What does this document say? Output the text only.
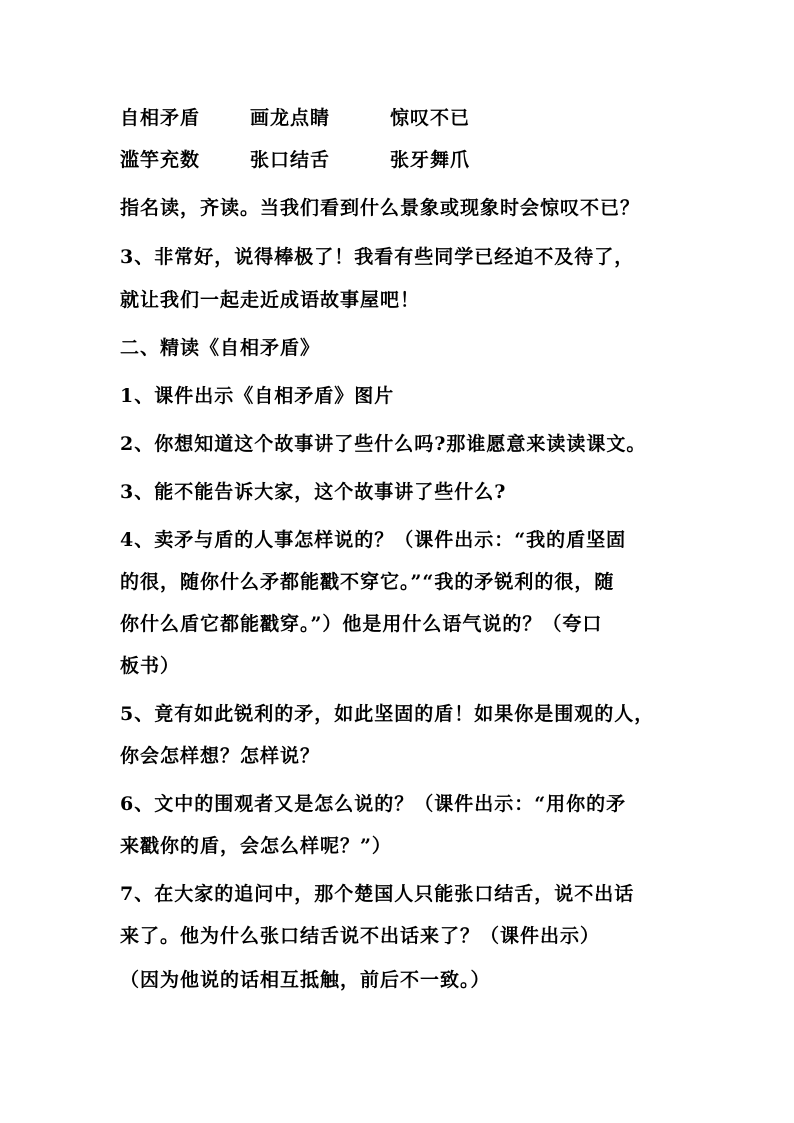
自相矛盾	画龙点睛	惊叹不已
滥竽充数	张口结舌	张牙舞爪
指名读，齐读。当我们看到什么景象或现象时会惊叹不已？
3、非常好，说得棒极了！我看有些同学已经迫不及待了，
就让我们一起走近成语故事屋吧！
二、精读《自相矛盾》
1、课件出示《自相矛盾》图片
2、你想知道这个故事讲了些什么吗?那谁愿意来读读课文。
3、能不能告诉大家，这个故事讲了些什么?
4、卖矛与盾的人事怎样说的？（课件出示：“我的盾坚固
的很，随你什么矛都能戳不穿它。”“我的矛锐利的很，随
你什么盾它都能戳穿。”）他是用什么语气说的？（夸口
板书）
5、竟有如此锐利的矛，如此坚固的盾！如果你是围观的人，
你会怎样想？怎样说？
6、文中的围观者又是怎么说的？（课件出示：“用你的矛
来戳你的盾，会怎么样呢？”）
7、在大家的追问中，那个楚国人只能张口结舌，说不出话
来了。他为什么张口结舌说不出话来了？（课件出示）
（因为他说的话相互抵触，前后不一致。）
